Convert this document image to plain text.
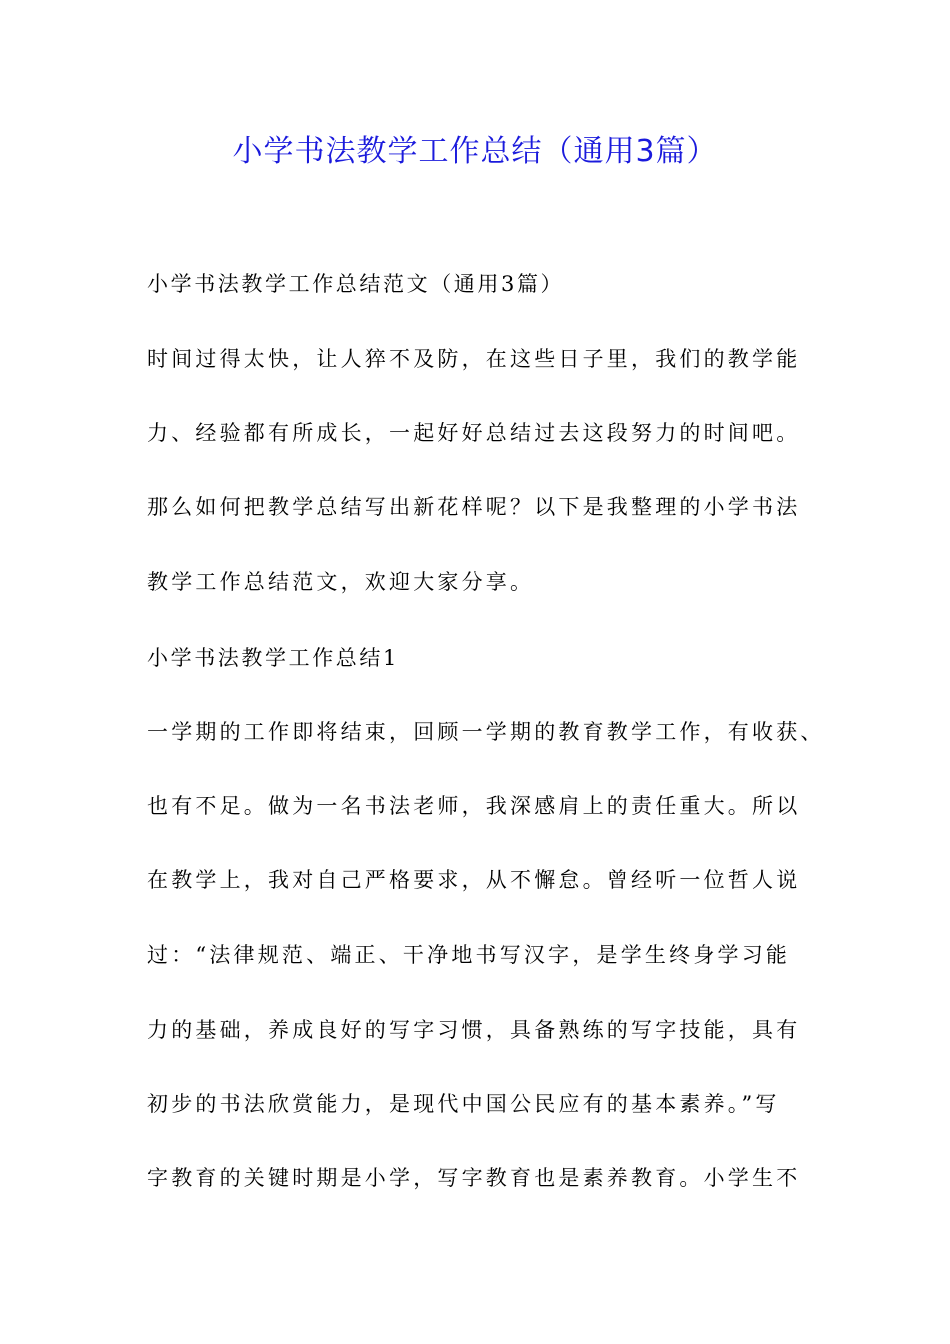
小学书法教学工作总结（通用3篇）
小学书法教学工作总结范文（通用3篇）
时间过得太快，让人猝不及防，在这些日子里，我们的教学能
力、经验都有所成长，一起好好总结过去这段努力的时间吧。
那么如何把教学总结写出新花样呢？以下是我整理的小学书法
教学工作总结范文，欢迎大家分享。
小学书法教学工作总结1
一学期的工作即将结束，回顾一学期的教育教学工作，有收获、
也有不足。做为一名书法老师，我深感肩上的责任重大。所以
在教学上，我对自己严格要求，从不懈怠。曾经听一位哲人说
过：“法律规范、端正、干净地书写汉字，是学生终身学习能
力的基础，养成良好的写字习惯，具备熟练的写字技能，具有
初步的书法欣赏能力，是现代中国公民应有的基本素养。”写
字教育的关键时期是小学，写字教育也是素养教育。小学生不
